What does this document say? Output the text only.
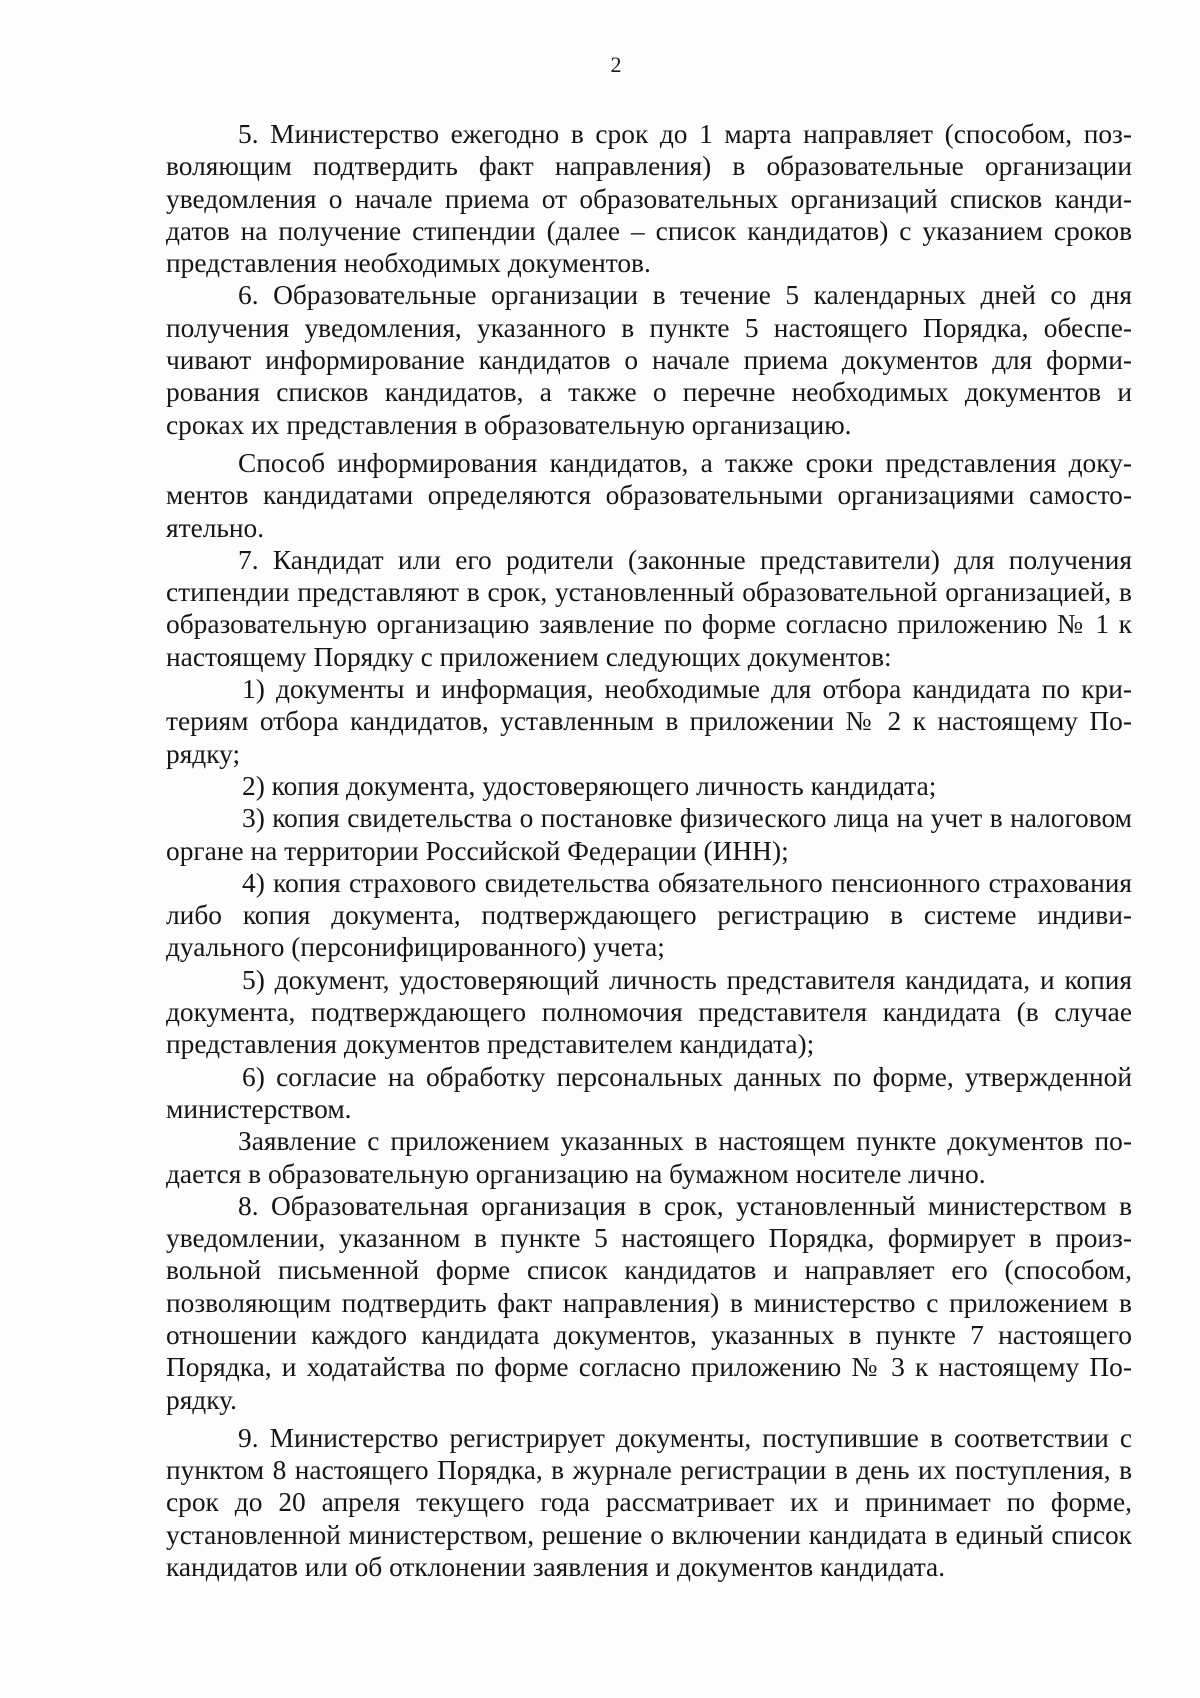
2

5. Министерство ежегодно в срок до 1 марта направляет (способом, позволяющим подтвердить факт направления) в образовательные организации уведомления о начале приема от образовательных организаций списков кандидатов на получение стипендии (далее – список кандидатов) с указанием сроков представления необходимых документов.

6. Образовательные организации в течение 5 календарных дней со дня получения уведомления, указанного в пункте 5 настоящего Порядка, обеспечивают информирование кандидатов о начале приема документов для формирования списков кандидатов, а также о перечне необходимых документов и сроках их представления в образовательную организацию.

Способ информирования кандидатов, а также сроки представления документов кандидатами определяются образовательными организациями самостоятельно.

7. Кандидат или его родители (законные представители) для получения стипендии представляют в срок, установленный образовательной организацией, в образовательную организацию заявление по форме согласно приложению № 1 к настоящему Порядку с приложением следующих документов:

1) документы и информация, необходимые для отбора кандидата по критериям отбора кандидатов, уставленным в приложении № 2 к настоящему Порядку;

2) копия документа, удостоверяющего личность кандидата;

3) копия свидетельства о постановке физического лица на учет в налоговом органе на территории Российской Федерации (ИНН);

4) копия страхового свидетельства обязательного пенсионного страхования либо копия документа, подтверждающего регистрацию в системе индивидуального (персонифицированного) учета;

5) документ, удостоверяющий личность представителя кандидата, и копия документа, подтверждающего полномочия представителя кандидата (в случае представления документов представителем кандидата);

6) согласие на обработку персональных данных по форме, утвержденной министерством.

Заявление с приложением указанных в настоящем пункте документов подается в образовательную организацию на бумажном носителе лично.

8. Образовательная организация в срок, установленный министерством в уведомлении, указанном в пункте 5 настоящего Порядка, формирует в произвольной письменной форме список кандидатов и направляет его (способом, позволяющим подтвердить факт направления) в министерство с приложением в отношении каждого кандидата документов, указанных в пункте 7 настоящего Порядка, и ходатайства по форме согласно приложению № 3 к настоящему Порядку.

9. Министерство регистрирует документы, поступившие в соответствии с пунктом 8 настоящего Порядка, в журнале регистрации в день их поступления, в срок до 20 апреля текущего года рассматривает их и принимает по форме, установленной министерством, решение о включении кандидата в единый список кандидатов или об отклонении заявления и документов кандидата.
